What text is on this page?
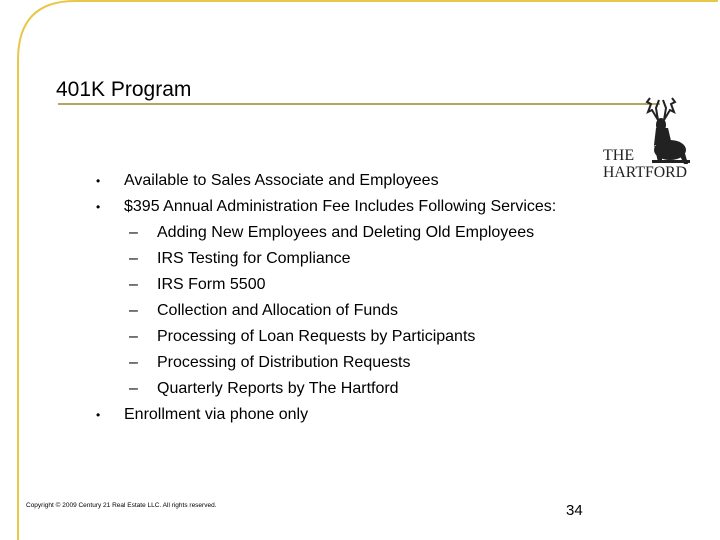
401K Program
THE
HARTFORD
• Available to Sales Associate and Employees
• $395 Annual Administration Fee Includes Following Services:
– Adding New Employees and Deleting Old Employees
– IRS Testing for Compliance
– IRS Form 5500
– Collection and Allocation of Funds
– Processing of Loan Requests by Participants
– Processing of Distribution Requests
– Quarterly Reports by The Hartford
• Enrollment via phone only
Copyright © 2009 Century 21 Real Estate LLC. All rights reserved.	34
